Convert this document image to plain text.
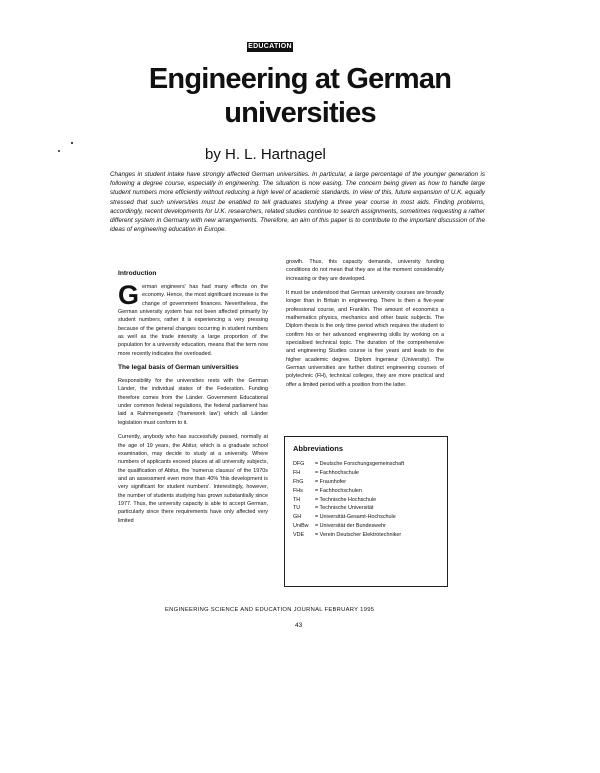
EDUCATION
Engineering at German universities
by H. L. Hartnagel
Changes in student intake have strongly affected German universities. In particular, a large percentage of the younger generation is following a degree course, especially in engineering. The situation is now easing. The concern being given as how to handle large student numbers more efficiently without reducing a high level of academic standards. In view of this, future expansion of U.K. equally stressed that such universities must be enabled to tell graduates studying a three year course in most aids. Finding problems, accordingly, recent developments for U.K. researchers, related studies continue to search assignments, sometimes requesting a rather different system in Germany with new arrangements. Therefore, an aim of this paper is to contribute to the important discussion of the ideas of engineering education in Europe.
Introduction

German engineers' has had many effects on the economy. Hence, the most significant increase is the change of government finances. Nevertheless, the German university system has not been affected primarily by student numbers, rather it is experiencing a very pressing because of the general changes occurring in student numbers as well as the trade intensity a large proportion of the population for a university education, means that the term now more recently indicates the overloaded.

The legal basis of German universities

Responsibility for the universities rests with the German Länder, the individual states of the Federation. Funding therefore comes from the Länder. Government Educational under common federal regulations, the federal parliament has laid a Rahmengesetz ('framework law') which all Länder legislation must conform to it.

Currently, anybody who has successfully passed, normally at the age of 19 years, the Abitur, which is a graduate school examination, may decide to study at a university. Where numbers of applicants exceed places at all university subjects, the qualification of Abitur, the 'numerus clausus' of the 1970s and an assessment even more than 40% 'this development is very significant for student numbers'. Interestingly, however, the number of students studying has grown substantially since 1977. Thus, the university capacity is able to accept German, particularly since there requirements have only affected very limited

growth. Thus, this capacity demands, university funding conditions do not mean that they are at the moment considerably increasing or they are developed.

It must be understood that German university courses are broadly longer than in Britain in engineering. There is then a five-year professional course, and Franklin. The amount of economics a mathematics physics, mechanics and other basic subjects. The Diplom thesis is the only time period which requires the student to confirm his or her advanced engineering skills by working on a specialised technical topic. The duration of the comprehensive and engineering Studies course is five years and leads to the higher academic degree. Diplom Ingenieur (University). The German universities are further distinct engineering courses of polytechnic (FH), technical colleges, they are more practical and offer a limited period with a position from the latter.

Abbreviations
DFG	= Deutsche Forschungsgemeinschaft
FH	= Fachhochschule
FhG	= Fraunhofer
FHs	= Fachhochschulen
TH	= Technische Hochschule
TU	= Technische Universität
GH	= Universität-Gesamt-Hochschule
UniBw	= Universität der Bundeswehr
VDE	= Verein Deutscher Elektrotechniker
ENGINEERING SCIENCE AND EDUCATION JOURNAL FEBRUARY 1995
43
